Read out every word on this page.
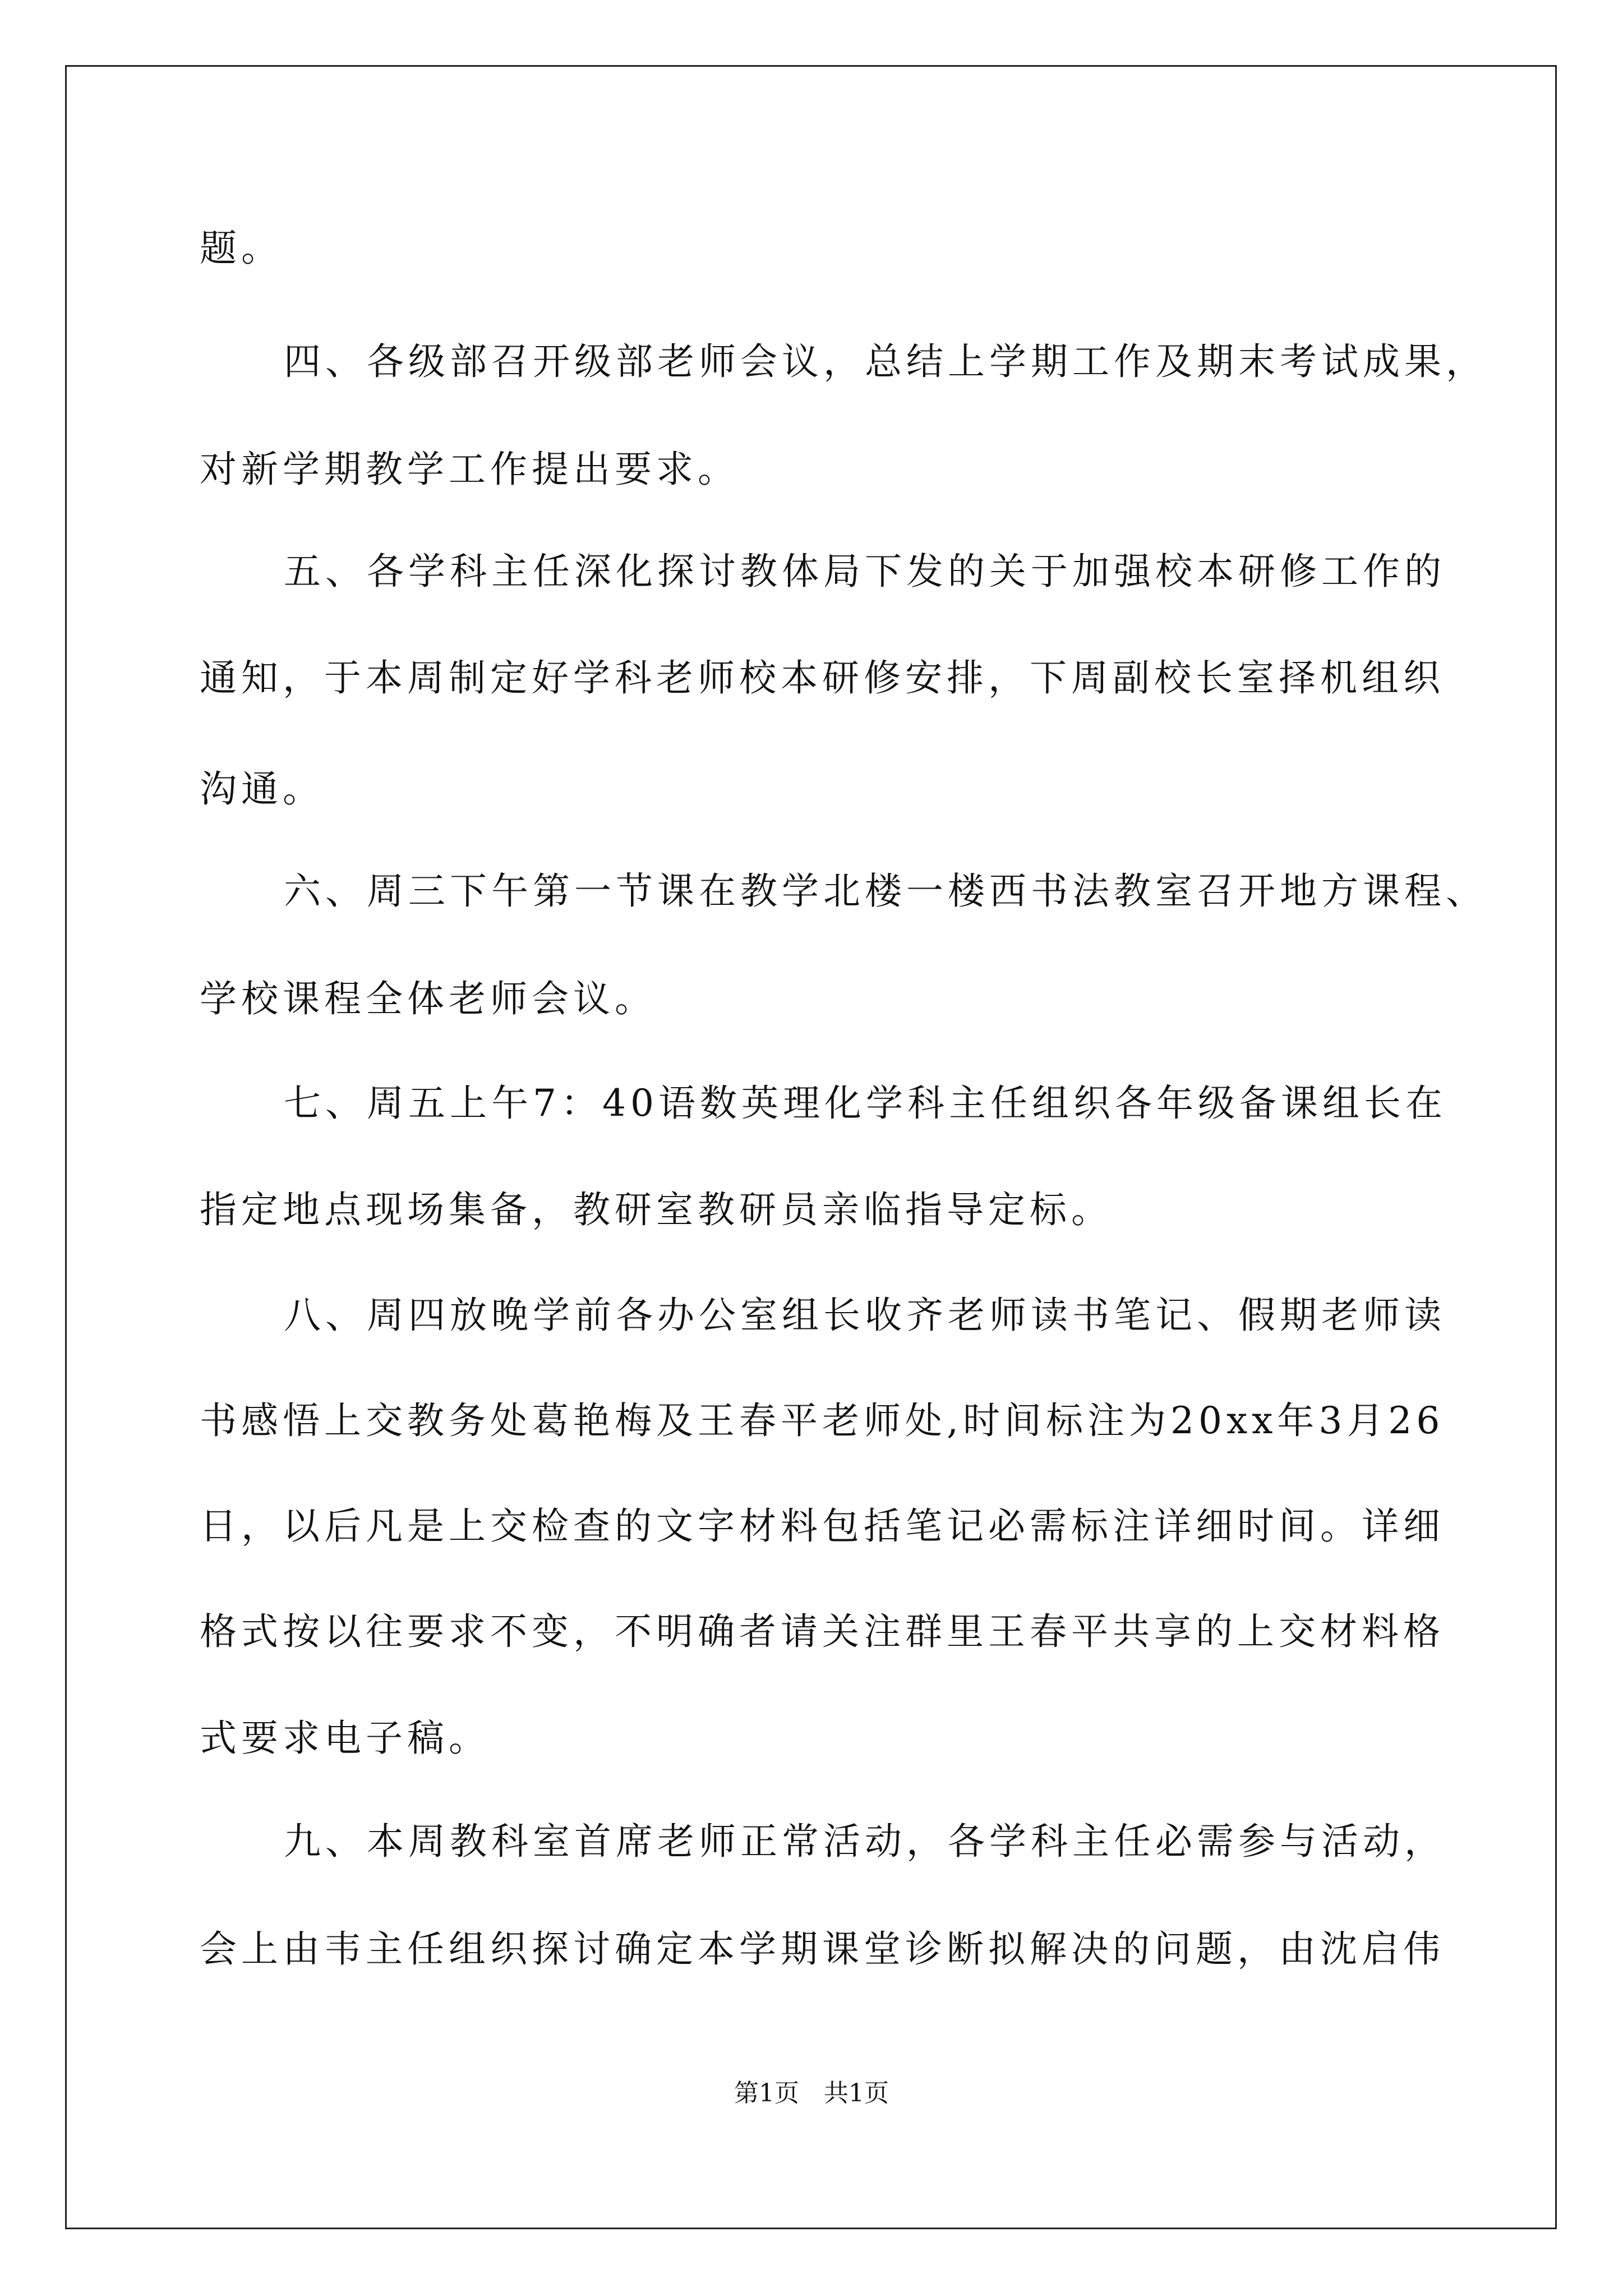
题。
四、各级部召开级部老师会议，总结上学期工作及期末考试成果，
对新学期教学工作提出要求。
五、各学科主任深化探讨教体局下发的关于加强校本研修工作的
通知，于本周制定好学科老师校本研修安排，下周副校长室择机组织
沟通。
六、周三下午第一节课在教学北楼一楼西书法教室召开地方课程、
学校课程全体老师会议。
七、周五上午7：40语数英理化学科主任组织各年级备课组长在
指定地点现场集备，教研室教研员亲临指导定标。
八、周四放晚学前各办公室组长收齐老师读书笔记、假期老师读
书感悟上交教务处葛艳梅及王春平老师处,时间标注为20xx年3月26
日，以后凡是上交检查的文字材料包括笔记必需标注详细时间。详细
格式按以往要求不变，不明确者请关注群里王春平共享的上交材料格
式要求电子稿。
九、本周教科室首席老师正常活动，各学科主任必需参与活动，
会上由韦主任组织探讨确定本学期课堂诊断拟解决的问题，由沈启伟
第1页　共1页
